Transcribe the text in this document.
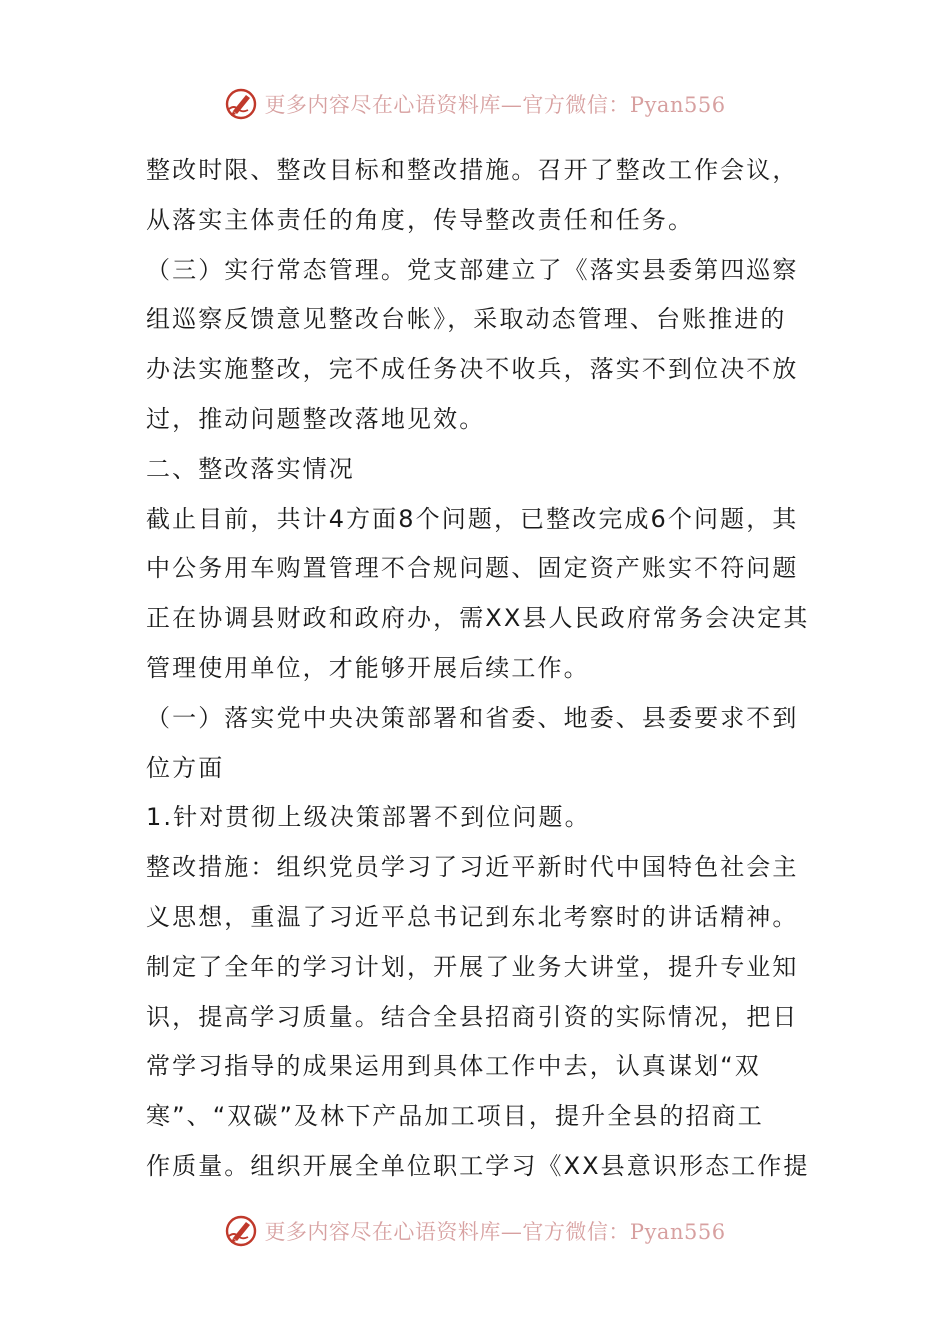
更多内容尽在心语资料库—官方微信：Pyan556

整改时限、整改目标和整改措施。召开了整改工作会议，

从落实主体责任的角度，传导整改责任和任务。

（三）实行常态管理。党支部建立了《落实县委第四巡察

组巡察反馈意见整改台帐》，采取动态管理、台账推进的

办法实施整改，完不成任务决不收兵，落实不到位决不放

过，推动问题整改落地见效。

二、整改落实情况

截止目前，共计4方面8个问题，已整改完成6个问题，其

中公务用车购置管理不合规问题、固定资产账实不符问题

正在协调县财政和政府办，需XX县人民政府常务会决定其

管理使用单位，才能够开展后续工作。

（一）落实党中央决策部署和省委、地委、县委要求不到

位方面

1.针对贯彻上级决策部署不到位问题。

整改措施：组织党员学习了习近平新时代中国特色社会主

义思想，重温了习近平总书记到东北考察时的讲话精神。

制定了全年的学习计划，开展了业务大讲堂，提升专业知

识，提高学习质量。结合全县招商引资的实际情况，把日

常学习指导的成果运用到具体工作中去，认真谋划“双

寒”、“双碳”及林下产品加工项目，提升全县的招商工

作质量。组织开展全单位职工学习《XX县意识形态工作提

更多内容尽在心语资料库—官方微信：Pyan556
